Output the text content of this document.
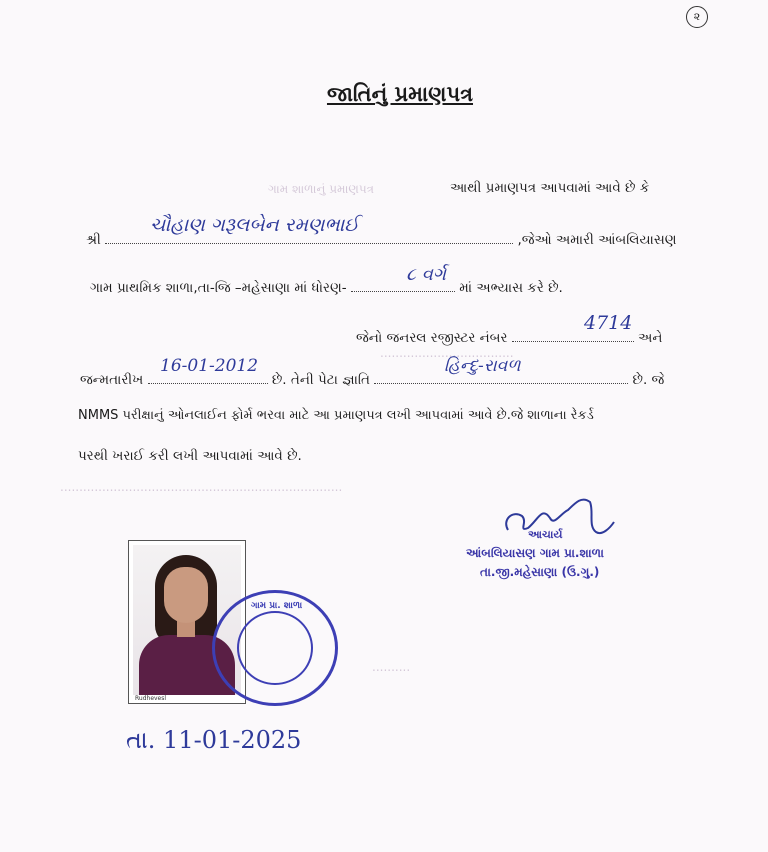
ગામ શાળાનું પ્રમાણપત્ર
...................................
..........................................................................
..........
૨
જાતિનું પ્રમાણપત્ર
આથી પ્રમાણપત્ર આપવામાં આવે છે કે
શ્રી	,જેઓ અમારી આંબલિયાસણ
ચૌહાણ ગરૂલબેન રમણભાઈ
ગામ પ્રાથમિક શાળા,તા-જિ –મહેસાણા માં ધોરણ-	માં અભ્યાસ કરે છે.
૮ વર્ગ
જેનો જનરલ રજીસ્ટર નંબર	અને
4714
જન્મતારીખ	છે. તેની પેટા જ્ઞાતિ	છે. જે
16-01-2012	હિન્દુ-રાવળ
NMMS પરીક્ષાનું ઓનલાઈન ફોર્મ ભરવા માટે આ પ્રમાણપત્ર લખી આપવામાં આવે છે.જે શાળાના રેકર્ડ
પરથી ખરાઈ કરી લખી આપવામાં આવે છે.
આચાર્ય
આંબલિયાસણ ગામ પ્રા.શાળા
તા.જી.મહેસાણા (ઉ.ગુ.)
Rudhevesl
ગામ પ્રા. શાળા
તા. 11-01-2025
